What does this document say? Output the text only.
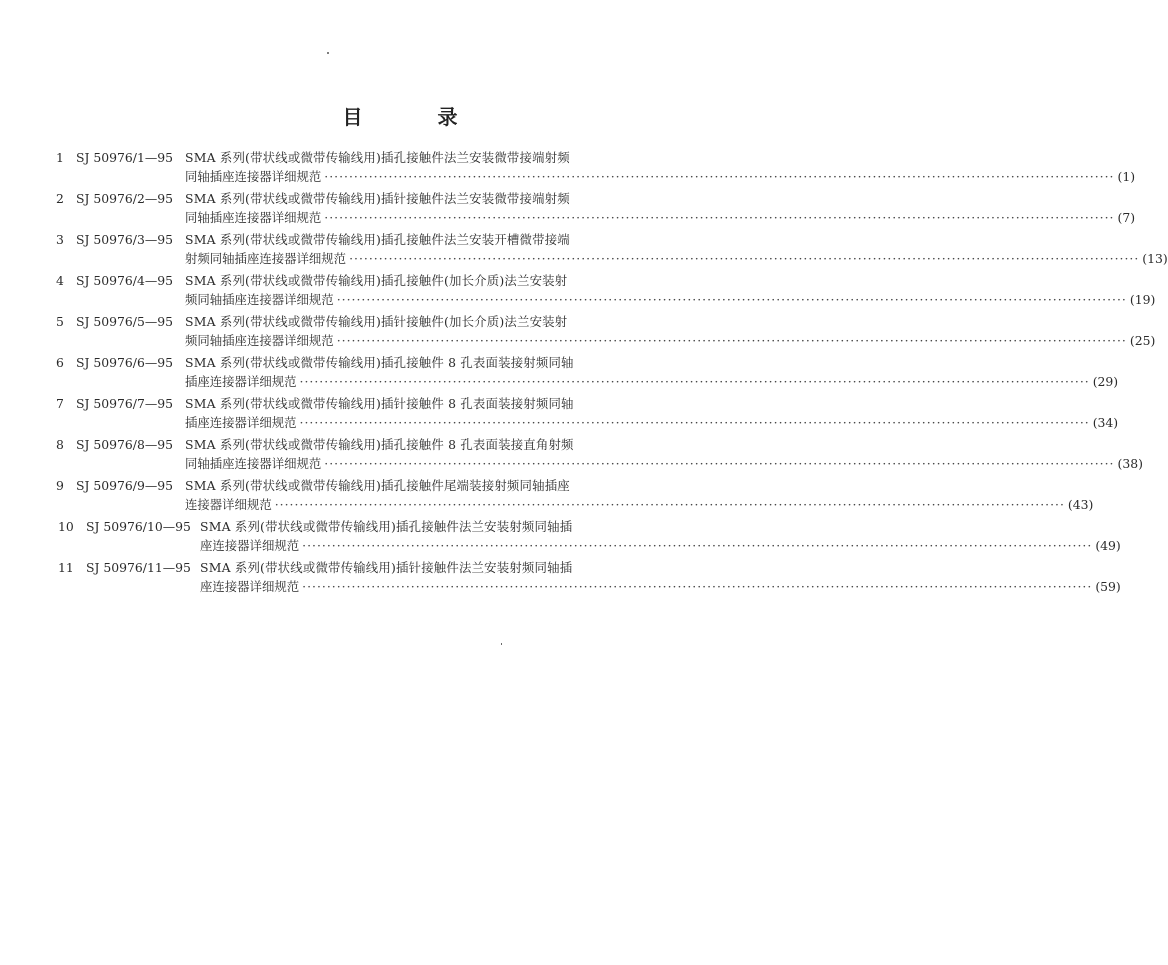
目 录
1 SJ 50976/1—95 SMA 系列(带状线或微带传输线用)插孔接触件法兰安装微带接端射频
同轴插座连接器详细规范 ································································································································································ (1)
2 SJ 50976/2—95 SMA 系列(带状线或微带传输线用)插针接触件法兰安装微带接端射频
同轴插座连接器详细规范 ································································································································································ (7)
3 SJ 50976/3—95 SMA 系列(带状线或微带传输线用)插孔接触件法兰安装开槽微带接端
射频同轴插座连接器详细规范 ································································································································································ (13)
4 SJ 50976/4—95 SMA 系列(带状线或微带传输线用)插孔接触件(加长介质)法兰安装射
频同轴插座连接器详细规范 ································································································································································ (19)
5 SJ 50976/5—95 SMA 系列(带状线或微带传输线用)插针接触件(加长介质)法兰安装射
频同轴插座连接器详细规范 ································································································································································ (25)
6 SJ 50976/6—95 SMA 系列(带状线或微带传输线用)插孔接触件 8 孔表面装接射频同轴
插座连接器详细规范 ································································································································································ (29)
7 SJ 50976/7—95 SMA 系列(带状线或微带传输线用)插针接触件 8 孔表面装接射频同轴
插座连接器详细规范 ································································································································································ (34)
8 SJ 50976/8—95 SMA 系列(带状线或微带传输线用)插孔接触件 8 孔表面装接直角射频
同轴插座连接器详细规范 ································································································································································ (38)
9 SJ 50976/9—95 SMA 系列(带状线或微带传输线用)插孔接触件尾端装接射频同轴插座
连接器详细规范 ································································································································································ (43)
10 SJ 50976/10—95 SMA 系列(带状线或微带传输线用)插孔接触件法兰安装射频同轴插
座连接器详细规范 ································································································································································ (49)
11 SJ 50976/11—95 SMA 系列(带状线或微带传输线用)插针接触件法兰安装射频同轴插
座连接器详细规范 ································································································································································ (59)
